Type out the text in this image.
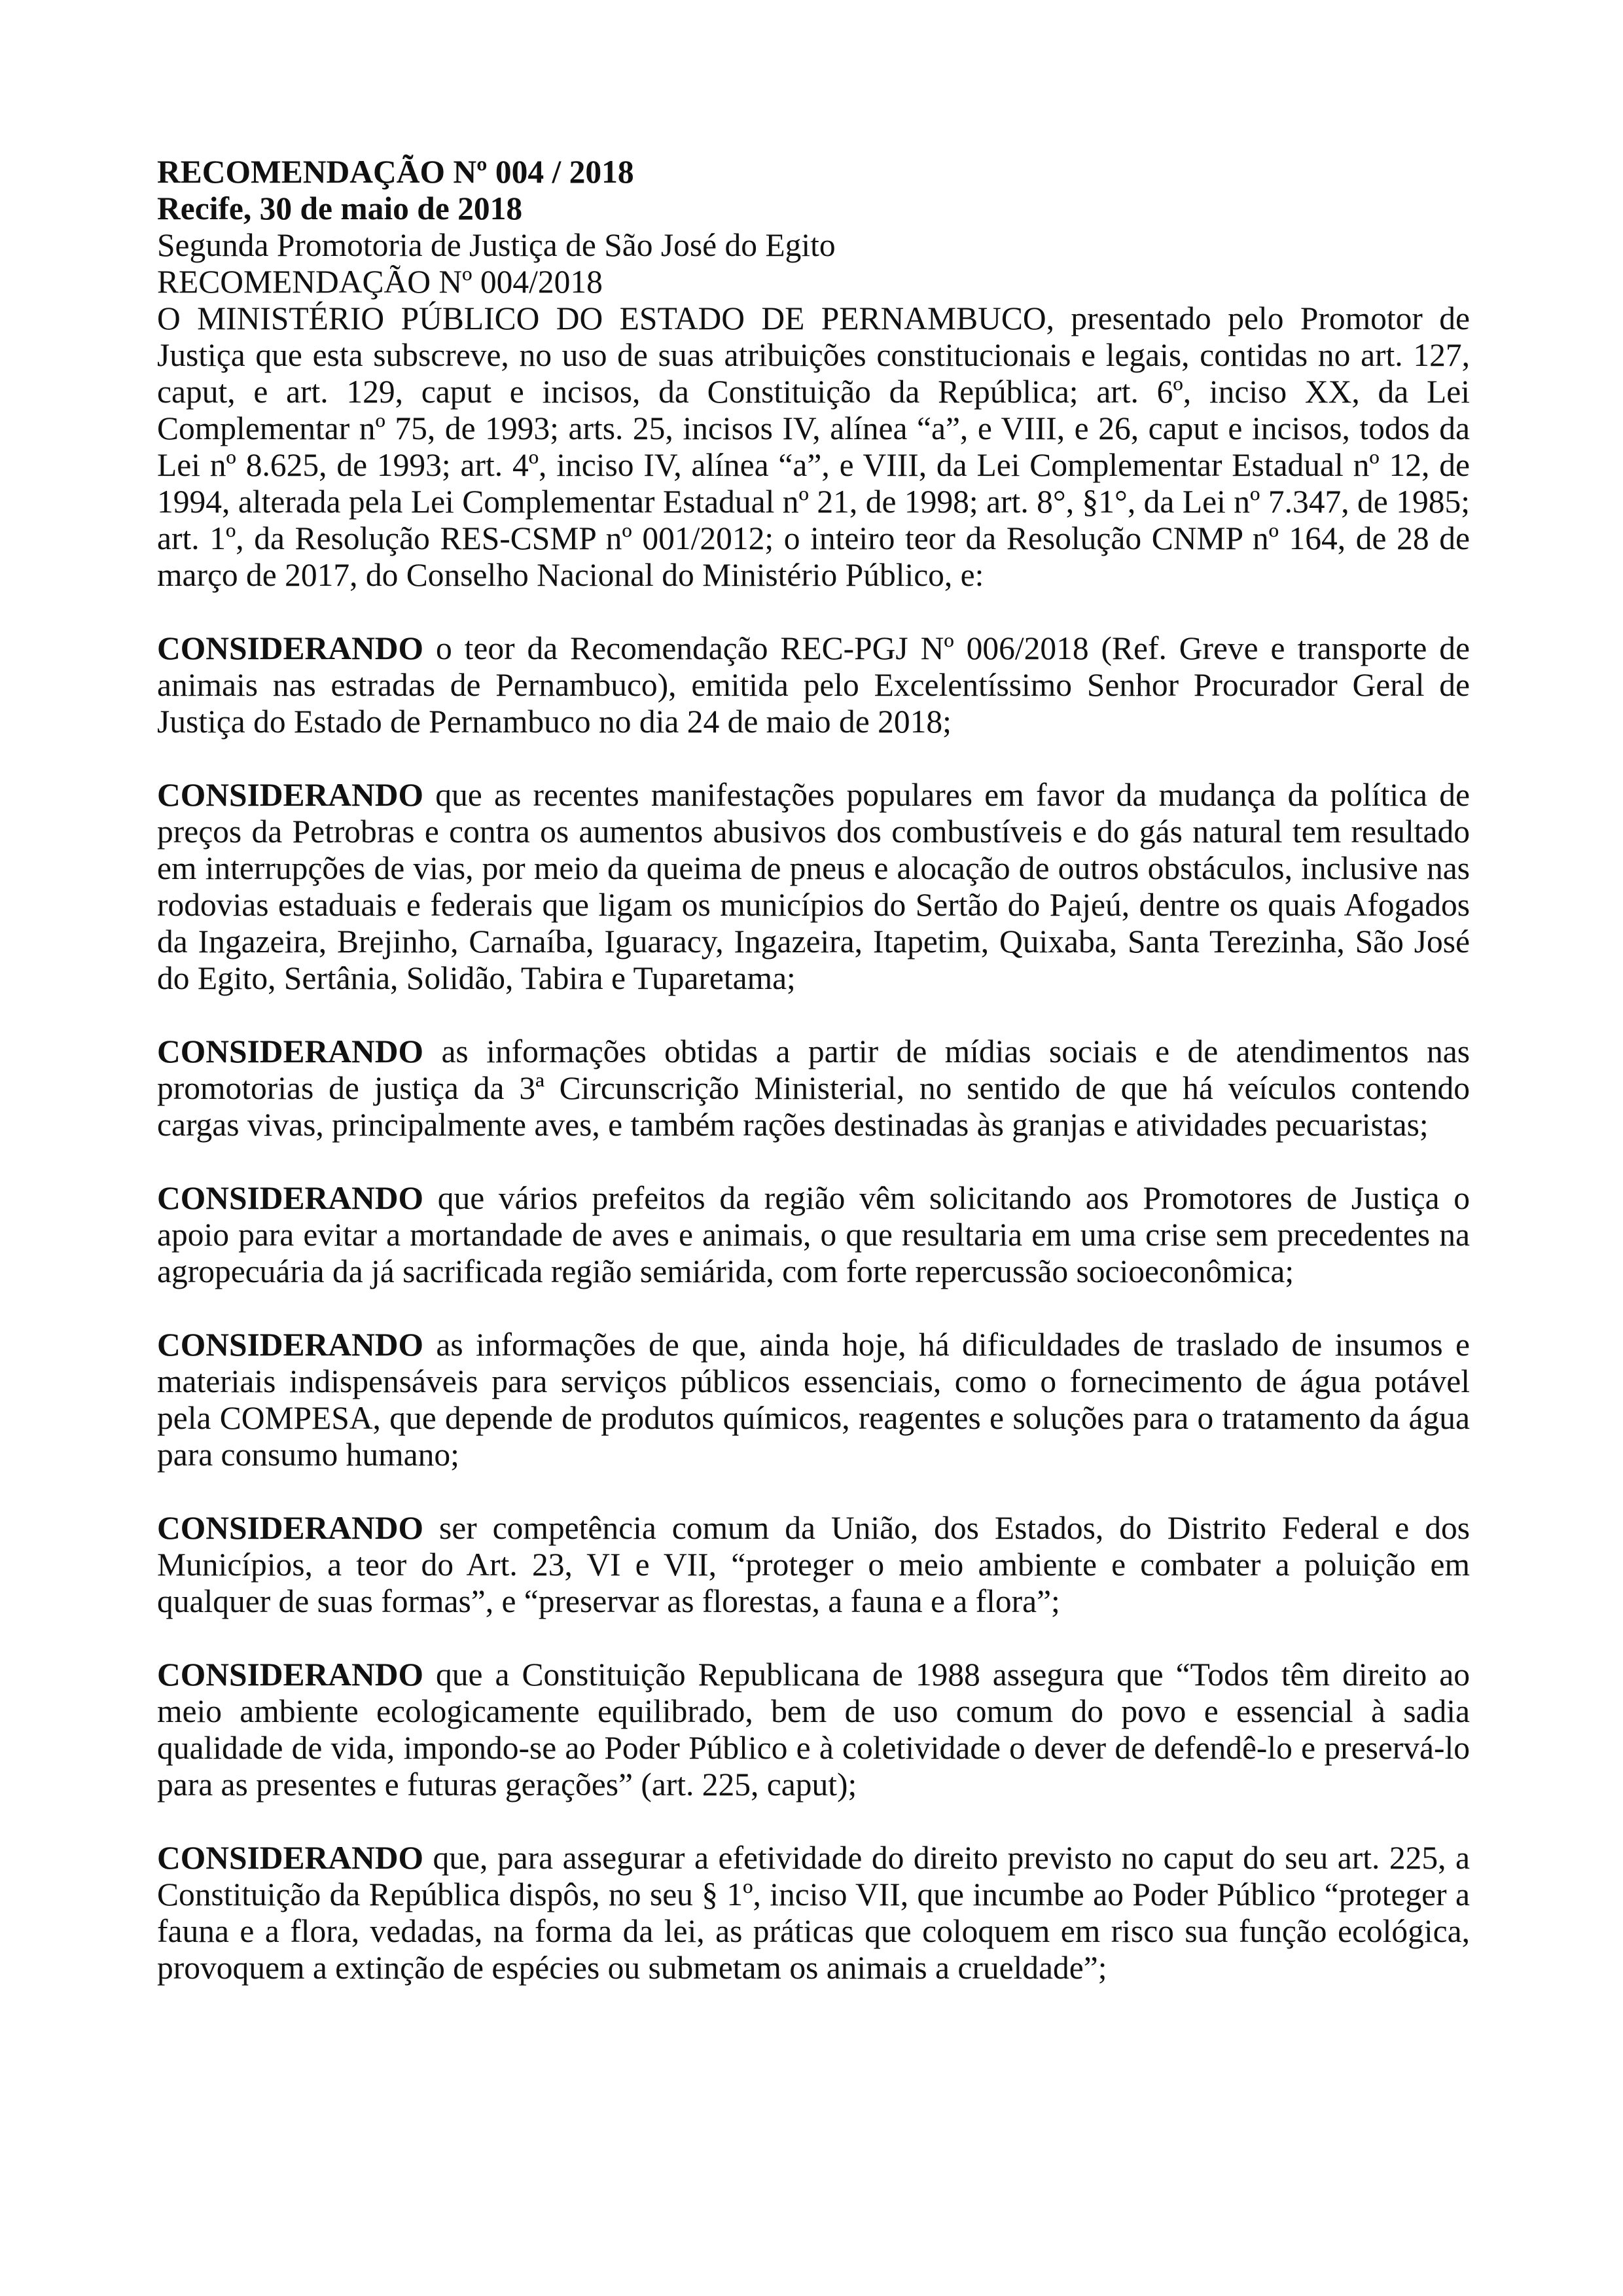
RECOMENDAÇÃO Nº 004 / 2018
Recife, 30 de maio de 2018
Segunda Promotoria de Justiça de São José do Egito
RECOMENDAÇÃO Nº 004/2018

O MINISTÉRIO PÚBLICO DO ESTADO DE PERNAMBUCO, presentado pelo Promotor de Justiça que esta subscreve, no uso de suas atribuições constitucionais e legais, contidas no art. 127, caput, e art. 129, caput e incisos, da Constituição da República; art. 6º, inciso XX, da Lei Complementar nº 75, de 1993; arts. 25, incisos IV, alínea “a”, e VIII, e 26, caput e incisos, todos da Lei nº 8.625, de 1993; art. 4º, inciso IV, alínea “a”, e VIII, da Lei Complementar Estadual nº 12, de 1994, alterada pela Lei Complementar Estadual nº 21, de 1998; art. 8°, §1°, da Lei nº 7.347, de 1985; art. 1º, da Resolução RES-CSMP nº 001/2012; o inteiro teor da Resolução CNMP nº 164, de 28 de março de 2017, do Conselho Nacional do Ministério Público, e:

CONSIDERANDO o teor da Recomendação REC-PGJ Nº 006/2018 (Ref. Greve e transporte de animais nas estradas de Pernambuco), emitida pelo Excelentíssimo Senhor Procurador Geral de Justiça do Estado de Pernambuco no dia 24 de maio de 2018;

CONSIDERANDO que as recentes manifestações populares em favor da mudança da política de preços da Petrobras e contra os aumentos abusivos dos combustíveis e do gás natural tem resultado em interrupções de vias, por meio da queima de pneus e alocação de outros obstáculos, inclusive nas rodovias estaduais e federais que ligam os municípios do Sertão do Pajeú, dentre os quais Afogados da Ingazeira, Brejinho, Carnaíba, Iguaracy, Ingazeira, Itapetim, Quixaba, Santa Terezinha, São José do Egito, Sertânia, Solidão, Tabira e Tuparetama;

CONSIDERANDO as informações obtidas a partir de mídias sociais e de atendimentos nas promotorias de justiça da 3ª Circunscrição Ministerial, no sentido de que há veículos contendo cargas vivas, principalmente aves, e também rações destinadas às granjas e atividades pecuaristas;

CONSIDERANDO que vários prefeitos da região vêm solicitando aos Promotores de Justiça o apoio para evitar a mortandade de aves e animais, o que resultaria em uma crise sem precedentes na agropecuária da já sacrificada região semiárida, com forte repercussão socioeconômica;

CONSIDERANDO as informações de que, ainda hoje, há dificuldades de traslado de insumos e materiais indispensáveis para serviços públicos essenciais, como o fornecimento de água potável pela COMPESA, que depende de produtos químicos, reagentes e soluções para o tratamento da água para consumo humano;

CONSIDERANDO ser competência comum da União, dos Estados, do Distrito Federal e dos Municípios, a teor do Art. 23, VI e VII, “proteger o meio ambiente e combater a poluição em qualquer de suas formas”, e “preservar as florestas, a fauna e a flora”;

CONSIDERANDO que a Constituição Republicana de 1988 assegura que “Todos têm direito ao meio ambiente ecologicamente equilibrado, bem de uso comum do povo e essencial à sadia qualidade de vida, impondo-se ao Poder Público e à coletividade o dever de defendê-lo e preservá-lo para as presentes e futuras gerações” (art. 225, caput);

CONSIDERANDO que, para assegurar a efetividade do direito previsto no caput do seu art. 225, a Constituição da República dispôs, no seu § 1º, inciso VII, que incumbe ao Poder Público “proteger a fauna e a flora, vedadas, na forma da lei, as práticas que coloquem em risco sua função ecológica, provoquem a extinção de espécies ou submetam os animais a crueldade”;
